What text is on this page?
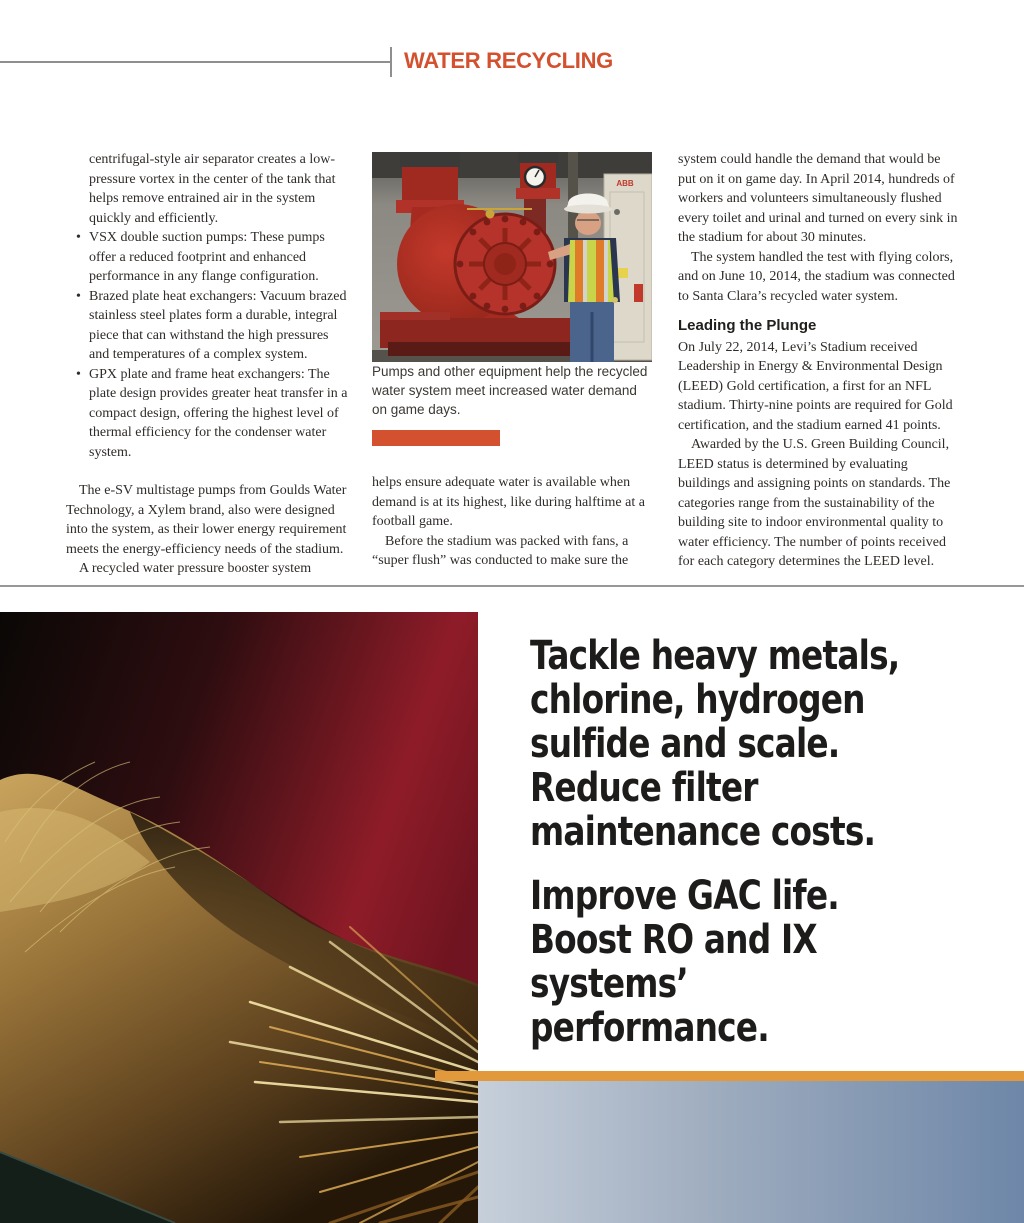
WATER RECYCLING

centrifugal-style air separator creates a low-pressure vortex in the center of the tank that helps remove entrained air in the system quickly and efficiently.

• VSX double suction pumps: These pumps offer a reduced footprint and enhanced performance in any flange configuration.
• Brazed plate heat exchangers: Vacuum brazed stainless steel plates form a durable, integral piece that can withstand the high pressures and temperatures of a complex system.
• GPX plate and frame heat exchangers: The plate design provides greater heat transfer in a compact design, offering the highest level of thermal efficiency for the condenser water system.

The e-SV multistage pumps from Goulds Water Technology, a Xylem brand, also were designed into the system, as their lower energy requirement meets the energy-efficiency needs of the stadium.

A recycled water pressure booster system

ABB

Pumps and other equipment help the recycled water system meet increased water demand on game days.

helps ensure adequate water is available when demand is at its highest, like during halftime at a football game.

Before the stadium was packed with fans, a “super flush” was conducted to make sure the

system could handle the demand that would be put on it on game day. In April 2014, hundreds of workers and volunteers simultaneously flushed every toilet and urinal and turned on every sink in the stadium for about 30 minutes.

The system handled the test with flying colors, and on June 10, 2014, the stadium was connected to Santa Clara’s recycled water system.

Leading the Plunge

On July 22, 2014, Levi’s Stadium received Leadership in Energy & Environmental Design (LEED) Gold certification, a first for an NFL stadium. Thirty-nine points are required for Gold certification, and the stadium earned 41 points.

Awarded by the U.S. Green Building Council, LEED status is determined by evaluating buildings and assigning points on standards. The categories range from the sustainability of the building site to indoor environmental quality to water efficiency. The number of points received for each category determines the LEED level.

Tackle heavy metals,
chlorine, hydrogen
sulfide and scale.
Reduce filter
maintenance costs.
Improve GAC life.
Boost RO and IX
systems’
performance.
